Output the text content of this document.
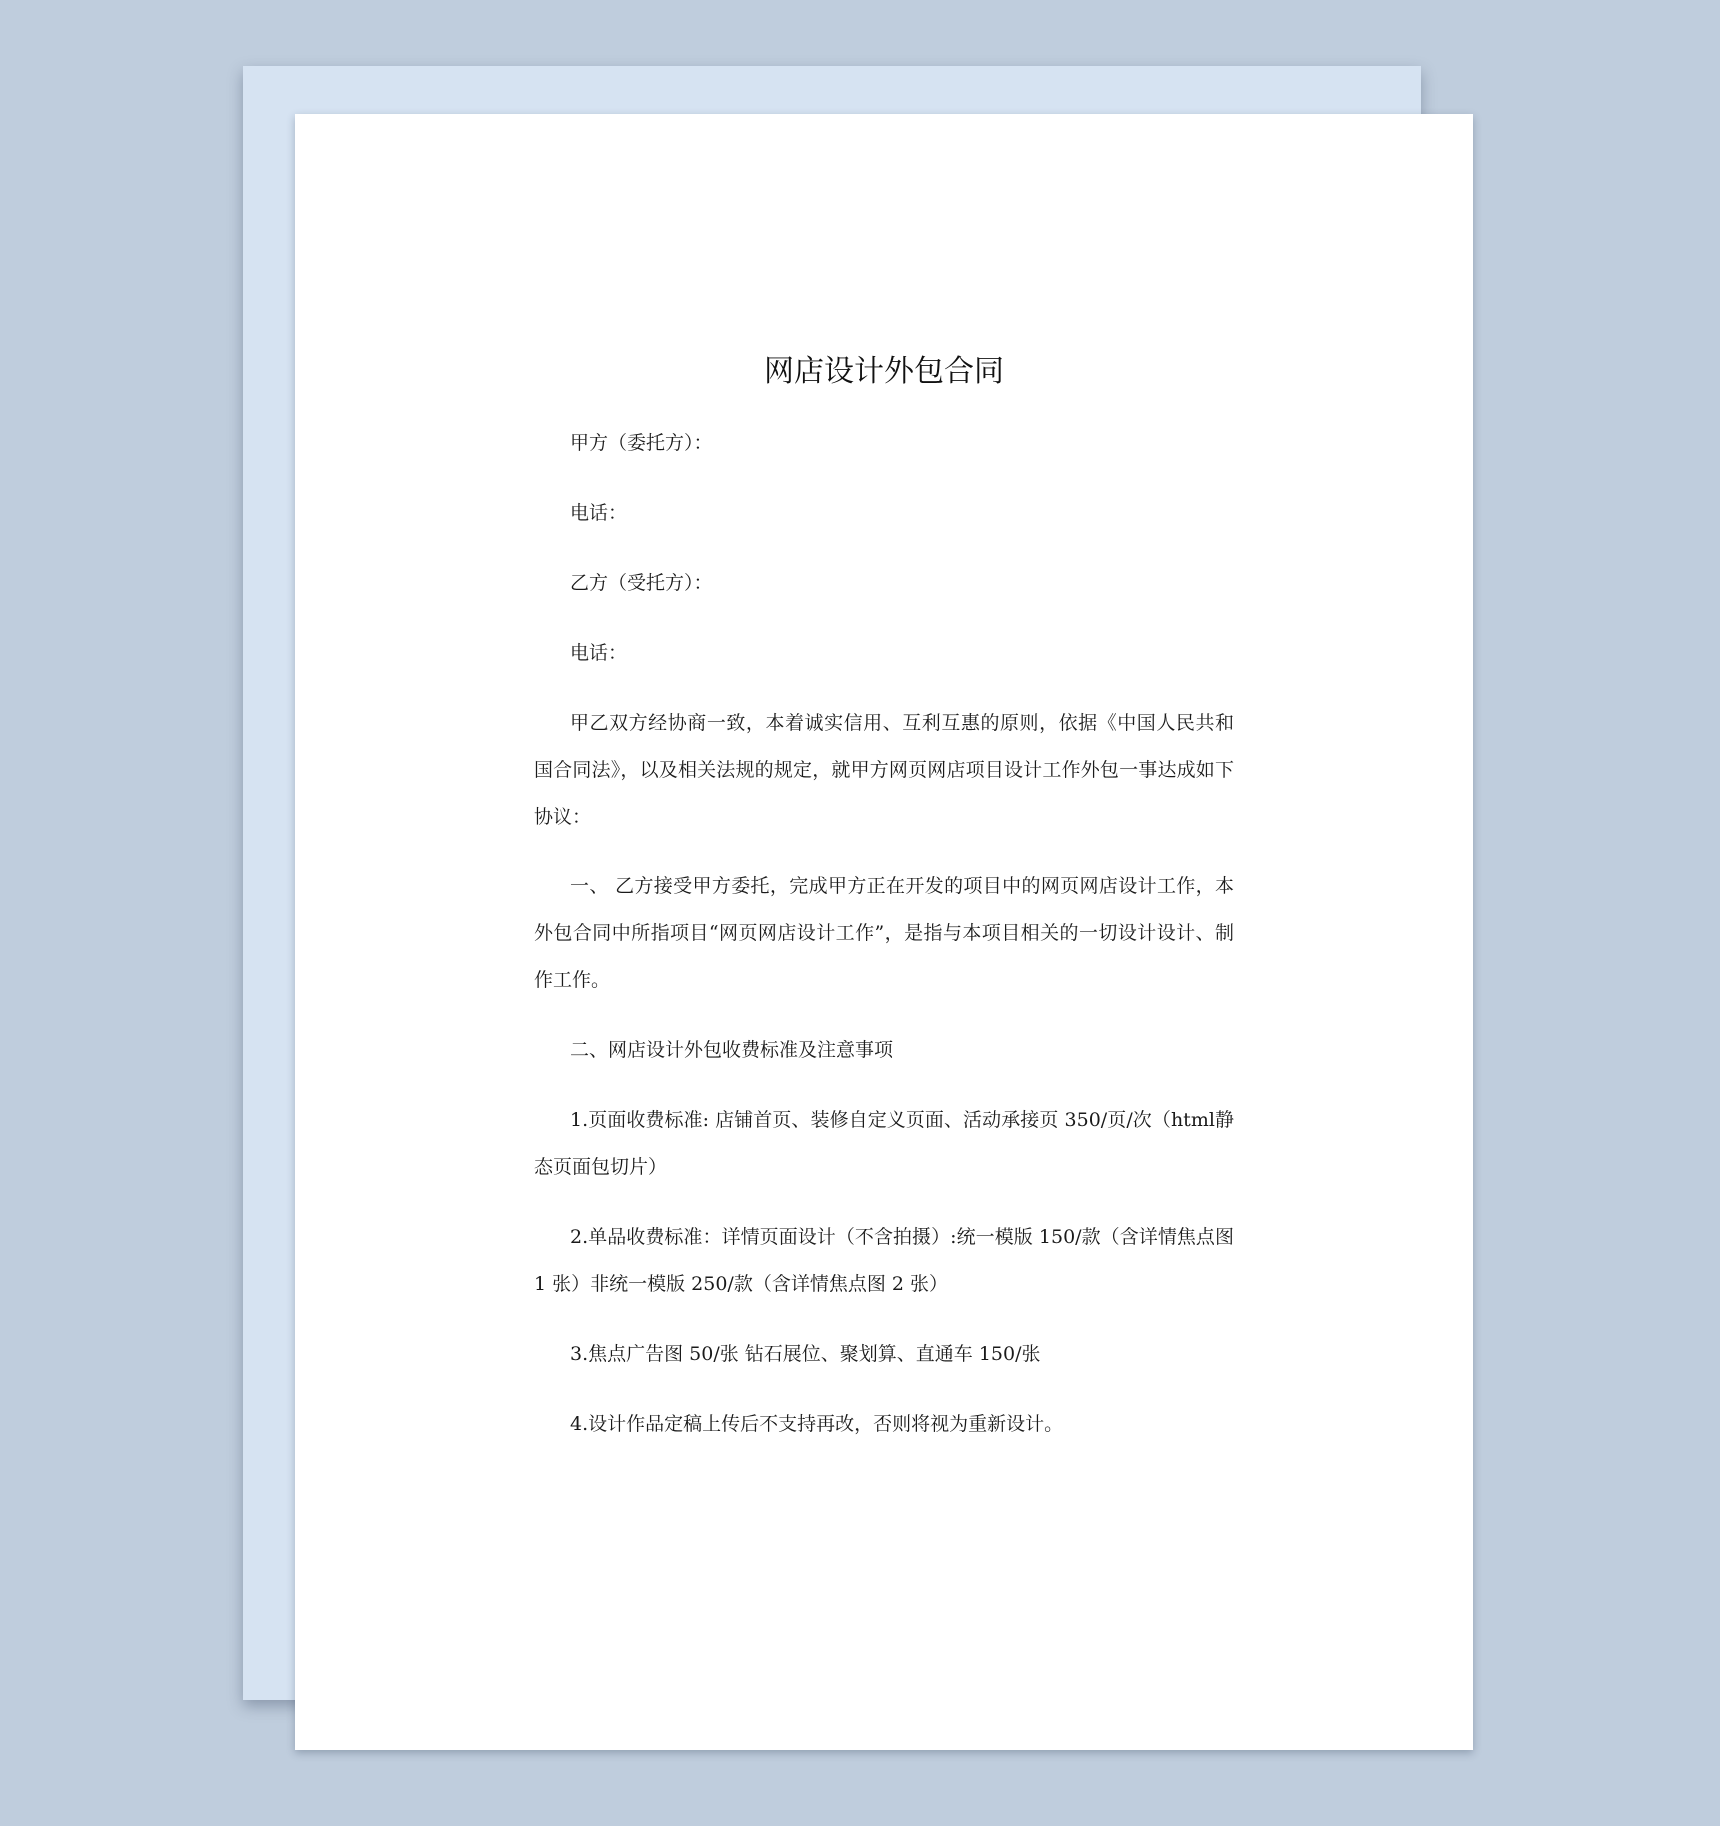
网店设计外包合同

甲方（委托方）：

电话：

乙方（受托方）：

电话：

甲乙双方经协商一致，本着诚实信用、互利互惠的原则，依据《中国人民共和国合同法》，以及相关法规的规定，就甲方网页网店项目设计工作外包一事达成如下协议：

一、 乙方接受甲方委托，完成甲方正在开发的项目中的网页网店设计工作，本外包合同中所指项目“网页网店设计工作”，是指与本项目相关的一切设计设计、制作工作。

二、网店设计外包收费标准及注意事项

1.页面收费标准: 店铺首页、装修自定义页面、活动承接页 350/页/次（html静态页面包切片）

2.单品收费标准：详情页面设计（不含拍摄）:统一模版 150/款（含详情焦点图 1 张）非统一模版 250/款（含详情焦点图 2 张）

3.焦点广告图 50/张 钻石展位、聚划算、直通车 150/张

4.设计作品定稿上传后不支持再改，否则将视为重新设计。
